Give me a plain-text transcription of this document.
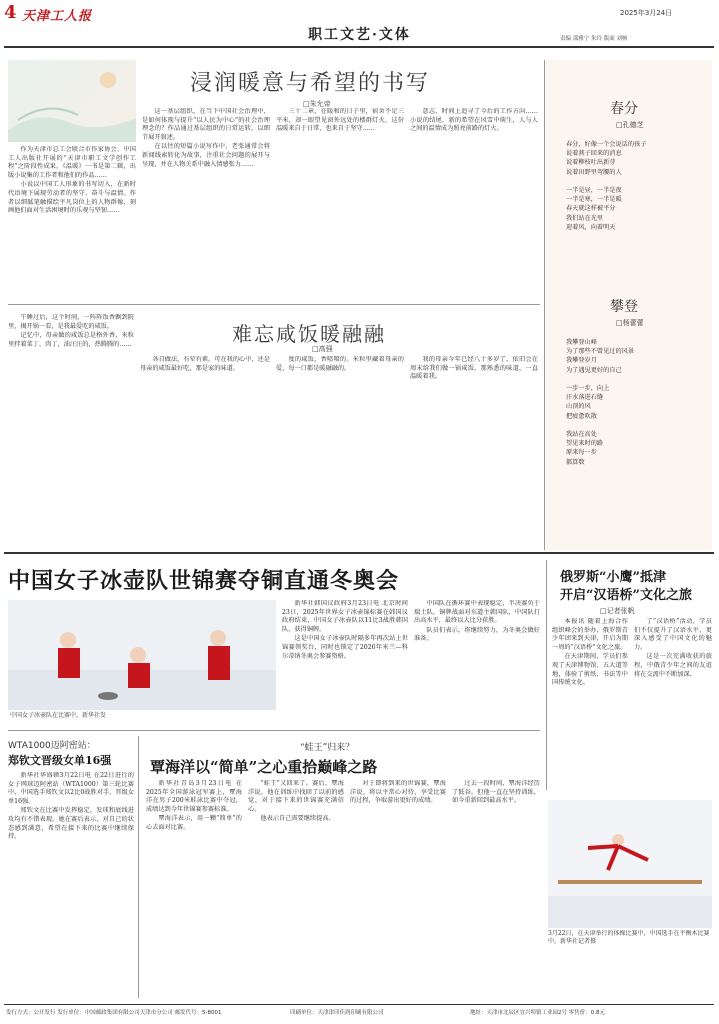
4 天津工人报	2025年3月24日
职工文艺·文体	责编 邵雅宁 朱玲 版面 刘畅
浸润暖意与希望的书写
□朱允帝

作为天津市总工会联合市作家协会、中国工人出版社开展的“天津市职工文学创作工程”之阶段性成果，《温暖》一书是第二辑，出版小说集的工作者和他们的作品……

小说以中国工人形象的书写切入，在新时代语境下展现劳动者的坚守、奋斗与温情。作者以细腻笔触描绘平凡岗位上的人物群像，刻画他们面对生活困境时的乐观与坚韧……

这一基层组织，在当下中国社会治理中，是如何体现与提升“以人民为中心”的社会治理理念的？作品通过基层组织的日常运转，以细节展开叙述。

在以往的短篇小说写作中，老张通常会将新闻线索转化为故事，注重社会问题的展开与呈现，并在人物关系中融入情感张力……

三十二章，在暖和的日子里，宿舍不足三平米，却一眼望见窗外远处的楼群灯火，这份温暖来自于日常，也来自于坚守……

意志，时间上追寻了今后的工作方向……小说的结尾，新的希望在风雪中萌生，人与人之间的温情成为照亮前路的灯火。

难忘咸饭暖融融
□高强

午睡过后，这个时间，一阵阵饭香飘到院里，揭开锅一看，是我最爱吃的咸饭。

记忆中，母亲做的咸饭总是格外香，米粒里拌着菜丁、肉丁，油汪汪的，热腾腾的……

各自做法，有荤有素。可在我的心中，还是母亲的咸饭最好吃，那是家的味道。

度的咸饭，香喷喷的。米粒里藏着母亲的爱，每一口都是暖融融的。

我的母亲今年已经八十多岁了，依旧会在周末给我们做一锅咸饭。那熟悉的味道，一直温暖着我。

春分
□孔德芝
春分，好像一个会说话的孩子
说着燕子回来的消息
说着柳枝吐出新芽
说着田野里弯腰的人

一半是昼，一半是夜
一半是寒，一半是暖
春天就这样被平分
我们站在光里
迎着风，向着明天
攀登
□杨蕾蕾
我攀登山峰
为了那些不曾见过的风景
我攀登岁月
为了遇见更好的自己

一步一步，向上
汗水落进石缝
山顶的风
把疲惫吹散

我站在高处
望见来时的路
原来每一步
都算数
中国女子冰壶队世锦赛夺铜直通冬奥会
中国女子冰壶队在比赛中。新华社发

新华社韩国议政府3月23日电 北京时间23日，2025年世界女子冰壶锦标赛在韩国议政府结束，中国女子冰壶队以11比3战胜韩国队，获得铜牌。

这是中国女子冰壶队时隔多年再次站上世锦赛领奖台，同时也锁定了2026年米兰—科尔蒂纳冬奥会参赛资格。

中国队在循环赛中表现稳定，半决赛负于瑞士队，铜牌战面对东道主韩国队，中国队打出高水平，最终以大比分获胜。

队员们表示，将继续努力，为冬奥会做好准备。

俄罗斯“小鹰”抵津
开启“汉语桥”文化之旅
□记者张帆

本报讯 随着上海合作组织峰会的举办，俄罗斯青少年团来到天津，开启为期一周的“汉语桥”文化之旅。

在天津期间，学员们参观了天津博物馆、五大道等地，体验了剪纸、书法等中国传统文化。

了“汉语桥”活动，学员们不仅提升了汉语水平，更深入感受了中国文化的魅力。

这是一次充满收获的旅程，中俄青少年之间的友谊将在交流中不断加深。

WTA1000迈阿密站：
郑钦文晋级女单16强

新华社华盛顿3月22日电 在22日进行的女子网球迈阿密站（WTA1000）第三轮比赛中，中国选手郑钦文以2比0战胜对手，晋级女单16强。

郑钦文在比赛中发挥稳定，发球和底线进攻均有不错表现。她在赛后表示，对自己的状态感到满意，希望在接下来的比赛中继续保持。

“蛙王”归来？
覃海洋以“简单”之心重拾巅峰之路

新华社青岛3月23日电 在2025年全国游泳冠军赛上，覃海洋在男子200米蛙泳比赛中夺冠，成绩达到今年世锦赛参赛标准。

覃海洋表示，用一颗“简单”的心去面对比赛。

“蛙王”又回来了。赛后，覃海洋说，他在训练中找回了以前的感觉，对于接下来的世锦赛充满信心。

他表示自己需要继续提高。

对于即将到来的世锦赛，覃海洋说，将以平常心对待，享受比赛的过程，争取游出更好的成绩。

过去一段时间，覃海洋经历了低谷。但他一直在坚持训练，如今重新回到最高水平。

3月22日，在天津举行的体操比赛中，中国选手在平衡木比赛中。新华社记者摄
发行方式：公开发行 发行单位：中国邮政集团有限公司天津市分公司 邮发代号：5-8001	印刷单位：天津津印佳润印刷有限公司	地址：天津市北辰区宜兴埠镇工业园2号 零售价：0.8元
